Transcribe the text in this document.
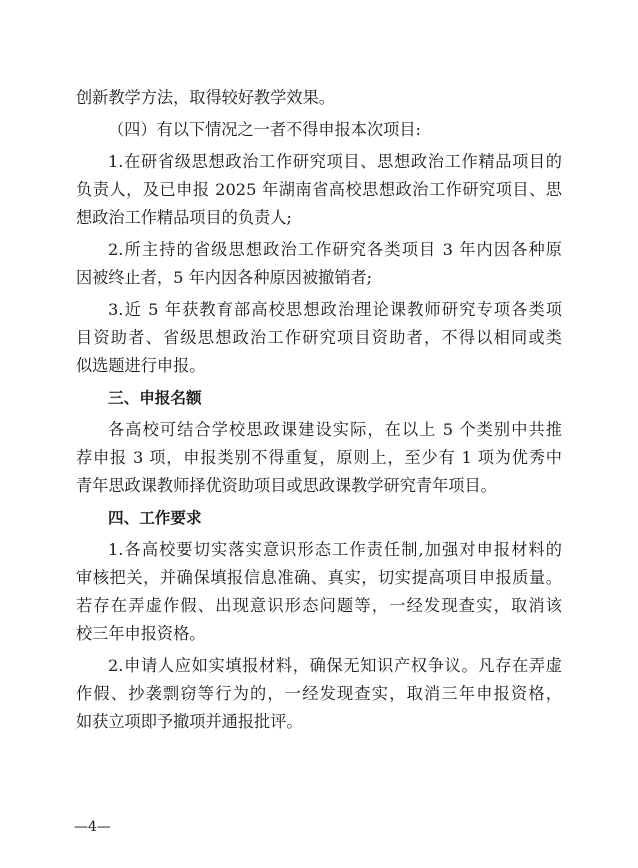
创新教学方法，取得较好教学效果。
（四）有以下情况之一者不得申报本次项目:
1.在研省级思想政治工作研究项目、思想政治工作精品项目的
负责人，及已申报 2025 年湖南省高校思想政治工作研究项目、思
想政治工作精品项目的负责人;
2.所主持的省级思想政治工作研究各类项目 3 年内因各种原
因被终止者，5 年内因各种原因被撤销者;
3.近 5 年获教育部高校思想政治理论课教师研究专项各类项
目资助者、省级思想政治工作研究项目资助者，不得以相同或类
似选题进行申报。
三、申报名额
各高校可结合学校思政课建设实际，在以上 5 个类别中共推
荐申报 3 项，申报类别不得重复，原则上，至少有 1 项为优秀中
青年思政课教师择优资助项目或思政课教学研究青年项目。
四、工作要求
1.各高校要切实落实意识形态工作责任制,加强对申报材料的
审核把关，并确保填报信息准确、真实，切实提高项目申报质量。
若存在弄虚作假、出现意识形态问题等，一经发现查实，取消该
校三年申报资格。
2.申请人应如实填报材料，确保无知识产权争议。凡存在弄虚
作假、抄袭剽窃等行为的，一经发现查实，取消三年申报资格，
如获立项即予撤项并通报批评。
—4—
